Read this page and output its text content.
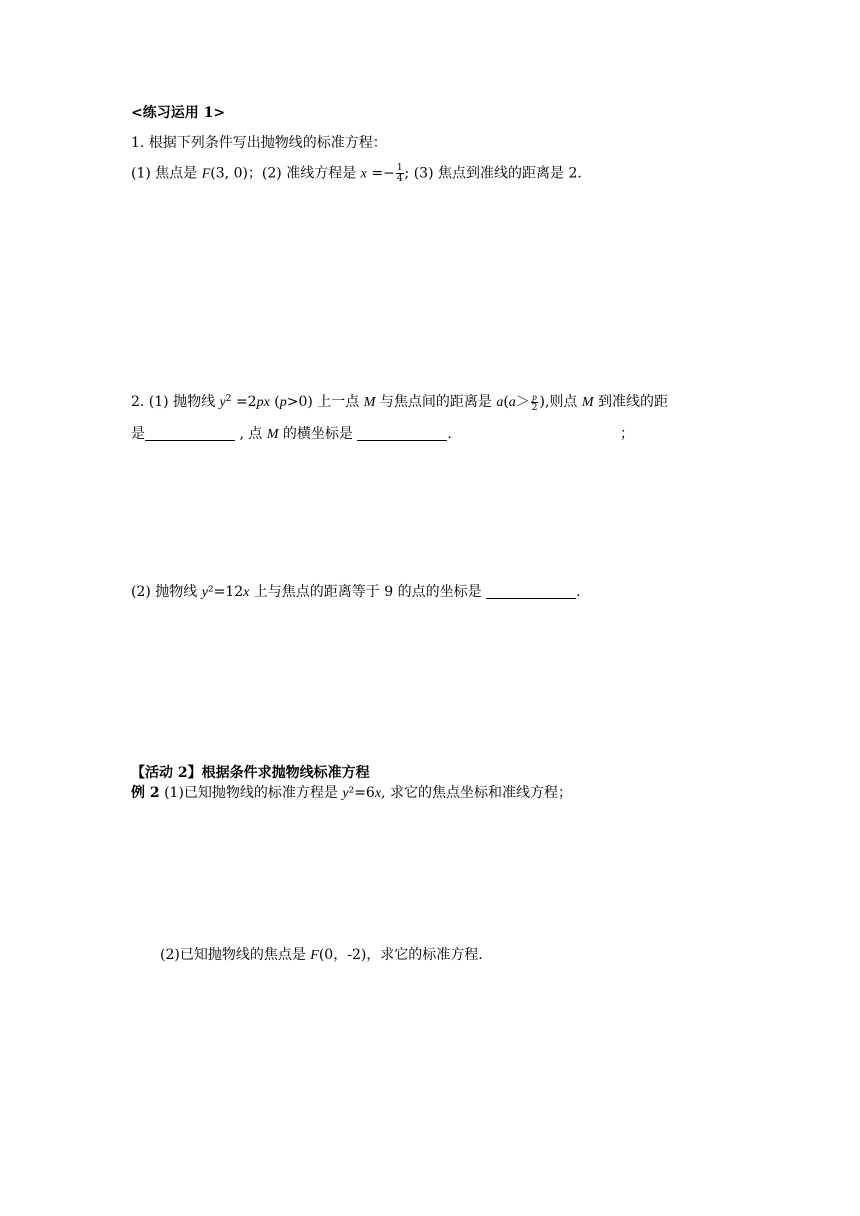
<练习运用 1>
1. 根据下列条件写出抛物线的标准方程：
(1) 焦点是 F(3, 0)；(2) 准线方程是 $x =- \frac{1}{4}$ ; (3) 焦点到准线的距离是 2.
2. (1) 抛物线 $y^2 =2px$ (p>0) 上一点 M 与焦点间的距离是 $a(a> \frac{p}{2}$ ),则点 M 到准线的距
是	, 点 M 的横坐标是	.	；
(2) 抛物线 y²=12x 上与焦点的距离等于 9 的点的坐标是	.
【活动 2】根据条件求抛物线标准方程
例 2 (1)已知抛物线的标准方程是 y²=6x, 求它的焦点坐标和准线方程；
(2)已知抛物线的焦点是 F(0，-2)，求它的标准方程.
